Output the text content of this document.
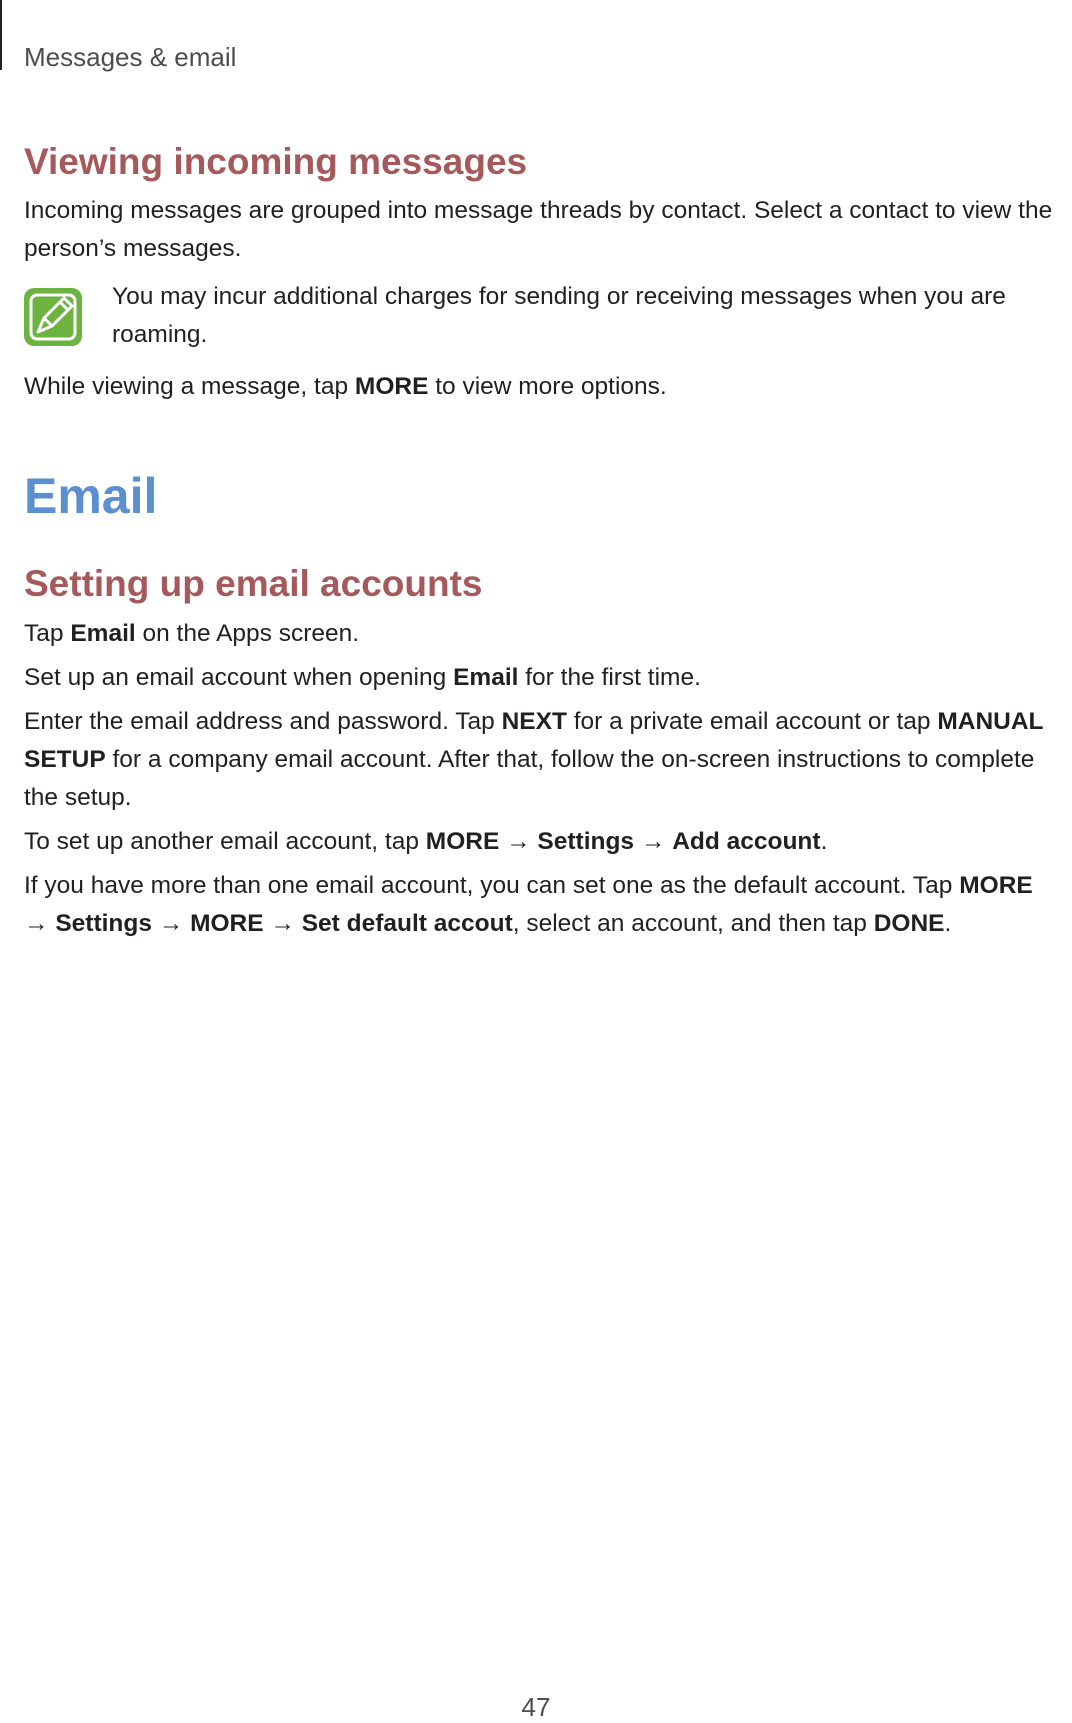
Messages & email
Viewing incoming messages

Incoming messages are grouped into message threads by contact. Select a contact to view the person’s messages.

You may incur additional charges for sending or receiving messages when you are roaming.

While viewing a message, tap MORE to view more options.

Email
Setting up email accounts

Tap Email on the Apps screen.

Set up an email account when opening Email for the first time.

Enter the email address and password. Tap NEXT for a private email account or tap MANUAL SETUP for a company email account. After that, follow the on-screen instructions to complete the setup.

To set up another email account, tap MORE → Settings → Add account.

If you have more than one email account, you can set one as the default account. Tap MORE → Settings → MORE → Set default accout, select an account, and then tap DONE.

47
